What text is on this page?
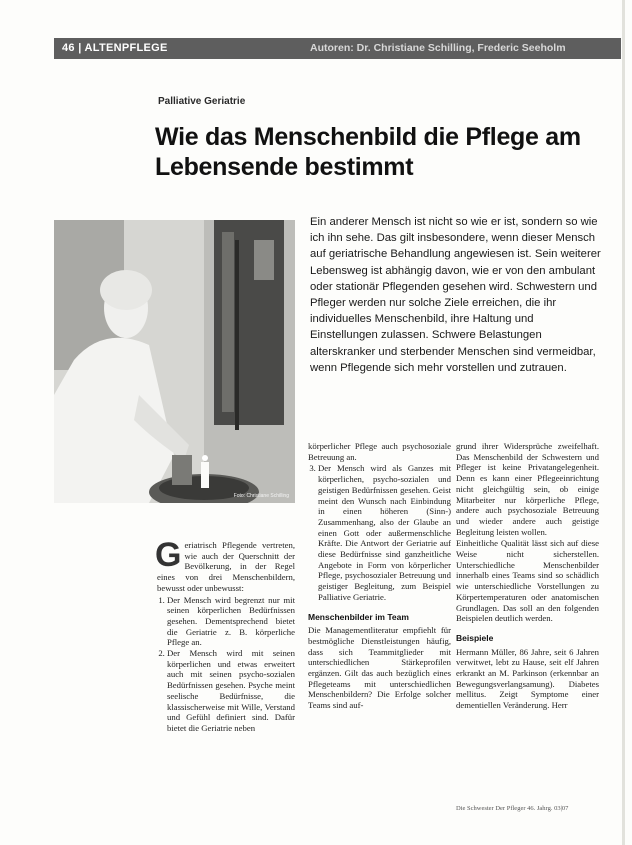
46 | ALTENPFLEGE	Autoren: Dr. Christiane Schilling, Frederic Seeholm
Palliative Geriatrie
Wie das Menschenbild die Pflege am Lebensende bestimmt

Ein anderer Mensch ist nicht so wie er ist, sondern so wie ich ihn sehe. Das gilt insbesondere, wenn dieser Mensch auf geriatrische Behandlung angewiesen ist. Sein weiterer Lebensweg ist abhängig davon, wie er von den ambulant oder stationär Pflegenden gesehen wird. Schwestern und Pfleger werden nur solche Ziele erreichen, die ihr individuelles Menschenbild, ihre Haltung und Einstellungen zulassen. Schwere Belastungen alterskranker und sterbender Menschen sind vermeidbar, wenn Pflegende sich mehr vorstellen und zutrauen.

Foto: Christiane Schilling

Geriatrisch Pflegende vertreten, wie auch der Querschnitt der Bevölkerung, in der Regel eines von drei Menschenbildern, bewusst oder unbewusst:

1. Der Mensch wird begrenzt nur mit seinen körperlichen Bedürfnissen gesehen. Dementsprechend bietet die Geriatrie z. B. körperliche Pflege an.
2. Der Mensch wird mit seinen körperlichen und etwas erweitert auch mit seinen psycho-sozialen Bedürfnissen gesehen. Psyche meint seelische Bedürfnisse, die klassischerweise mit Wille, Verstand und Gefühl definiert sind. Dafür bietet die Geriatrie neben

körperlicher Pflege auch psychosoziale Betreuung an.

3. Der Mensch wird als Ganzes mit körperlichen, psycho-sozialen und geistigen Bedürfnissen gesehen. Geist meint den Wunsch nach Einbindung in einen höheren (Sinn-) Zusammenhang, also der Glaube an einen Gott oder außermenschliche Kräfte. Die Antwort der Geriatrie auf diese Bedürfnisse sind ganzheitliche Angebote in Form von körperlicher Pflege, psychosozialer Betreuung und geistiger Begleitung, zum Beispiel Palliative Geriatrie.
Menschenbilder im Team

Die Managementliteratur empfiehlt für bestmögliche Dienstleistungen häufig, dass sich Teammitglieder mit unterschiedlichen Stärkeprofilen ergänzen. Gilt das auch bezüglich eines Pflegeteams mit unterschiedlichen Menschenbildern? Die Erfolge solcher Teams sind auf-

grund ihrer Widersprüche zweifelhaft. Das Menschenbild der Schwestern und Pfleger ist keine Privatangelegenheit. Denn es kann einer Pflegeeinrichtung nicht gleichgültig sein, ob einige Mitarbeiter nur körperliche Pflege, andere auch psychosoziale Betreuung und wieder andere auch geistige Begleitung leisten wollen.

Einheitliche Qualität lässt sich auf diese Weise nicht sicherstellen. Unterschiedliche Menschenbilder innerhalb eines Teams sind so schädlich wie unterschiedliche Vorstellungen zu Körpertemperaturen oder anatomischen Grundlagen. Das soll an den folgenden Beispielen deutlich werden.

Beispiele

Hermann Müller, 86 Jahre, seit 6 Jahren verwitwet, lebt zu Hause, seit elf Jahren erkrankt an M. Parkinson (erkennbar an Bewegungsverlangsamung). Diabetes mellitus. Zeigt Symptome einer dementiellen Veränderung. Herr

Die Schwester Der Pfleger 46. Jahrg. 03|07
